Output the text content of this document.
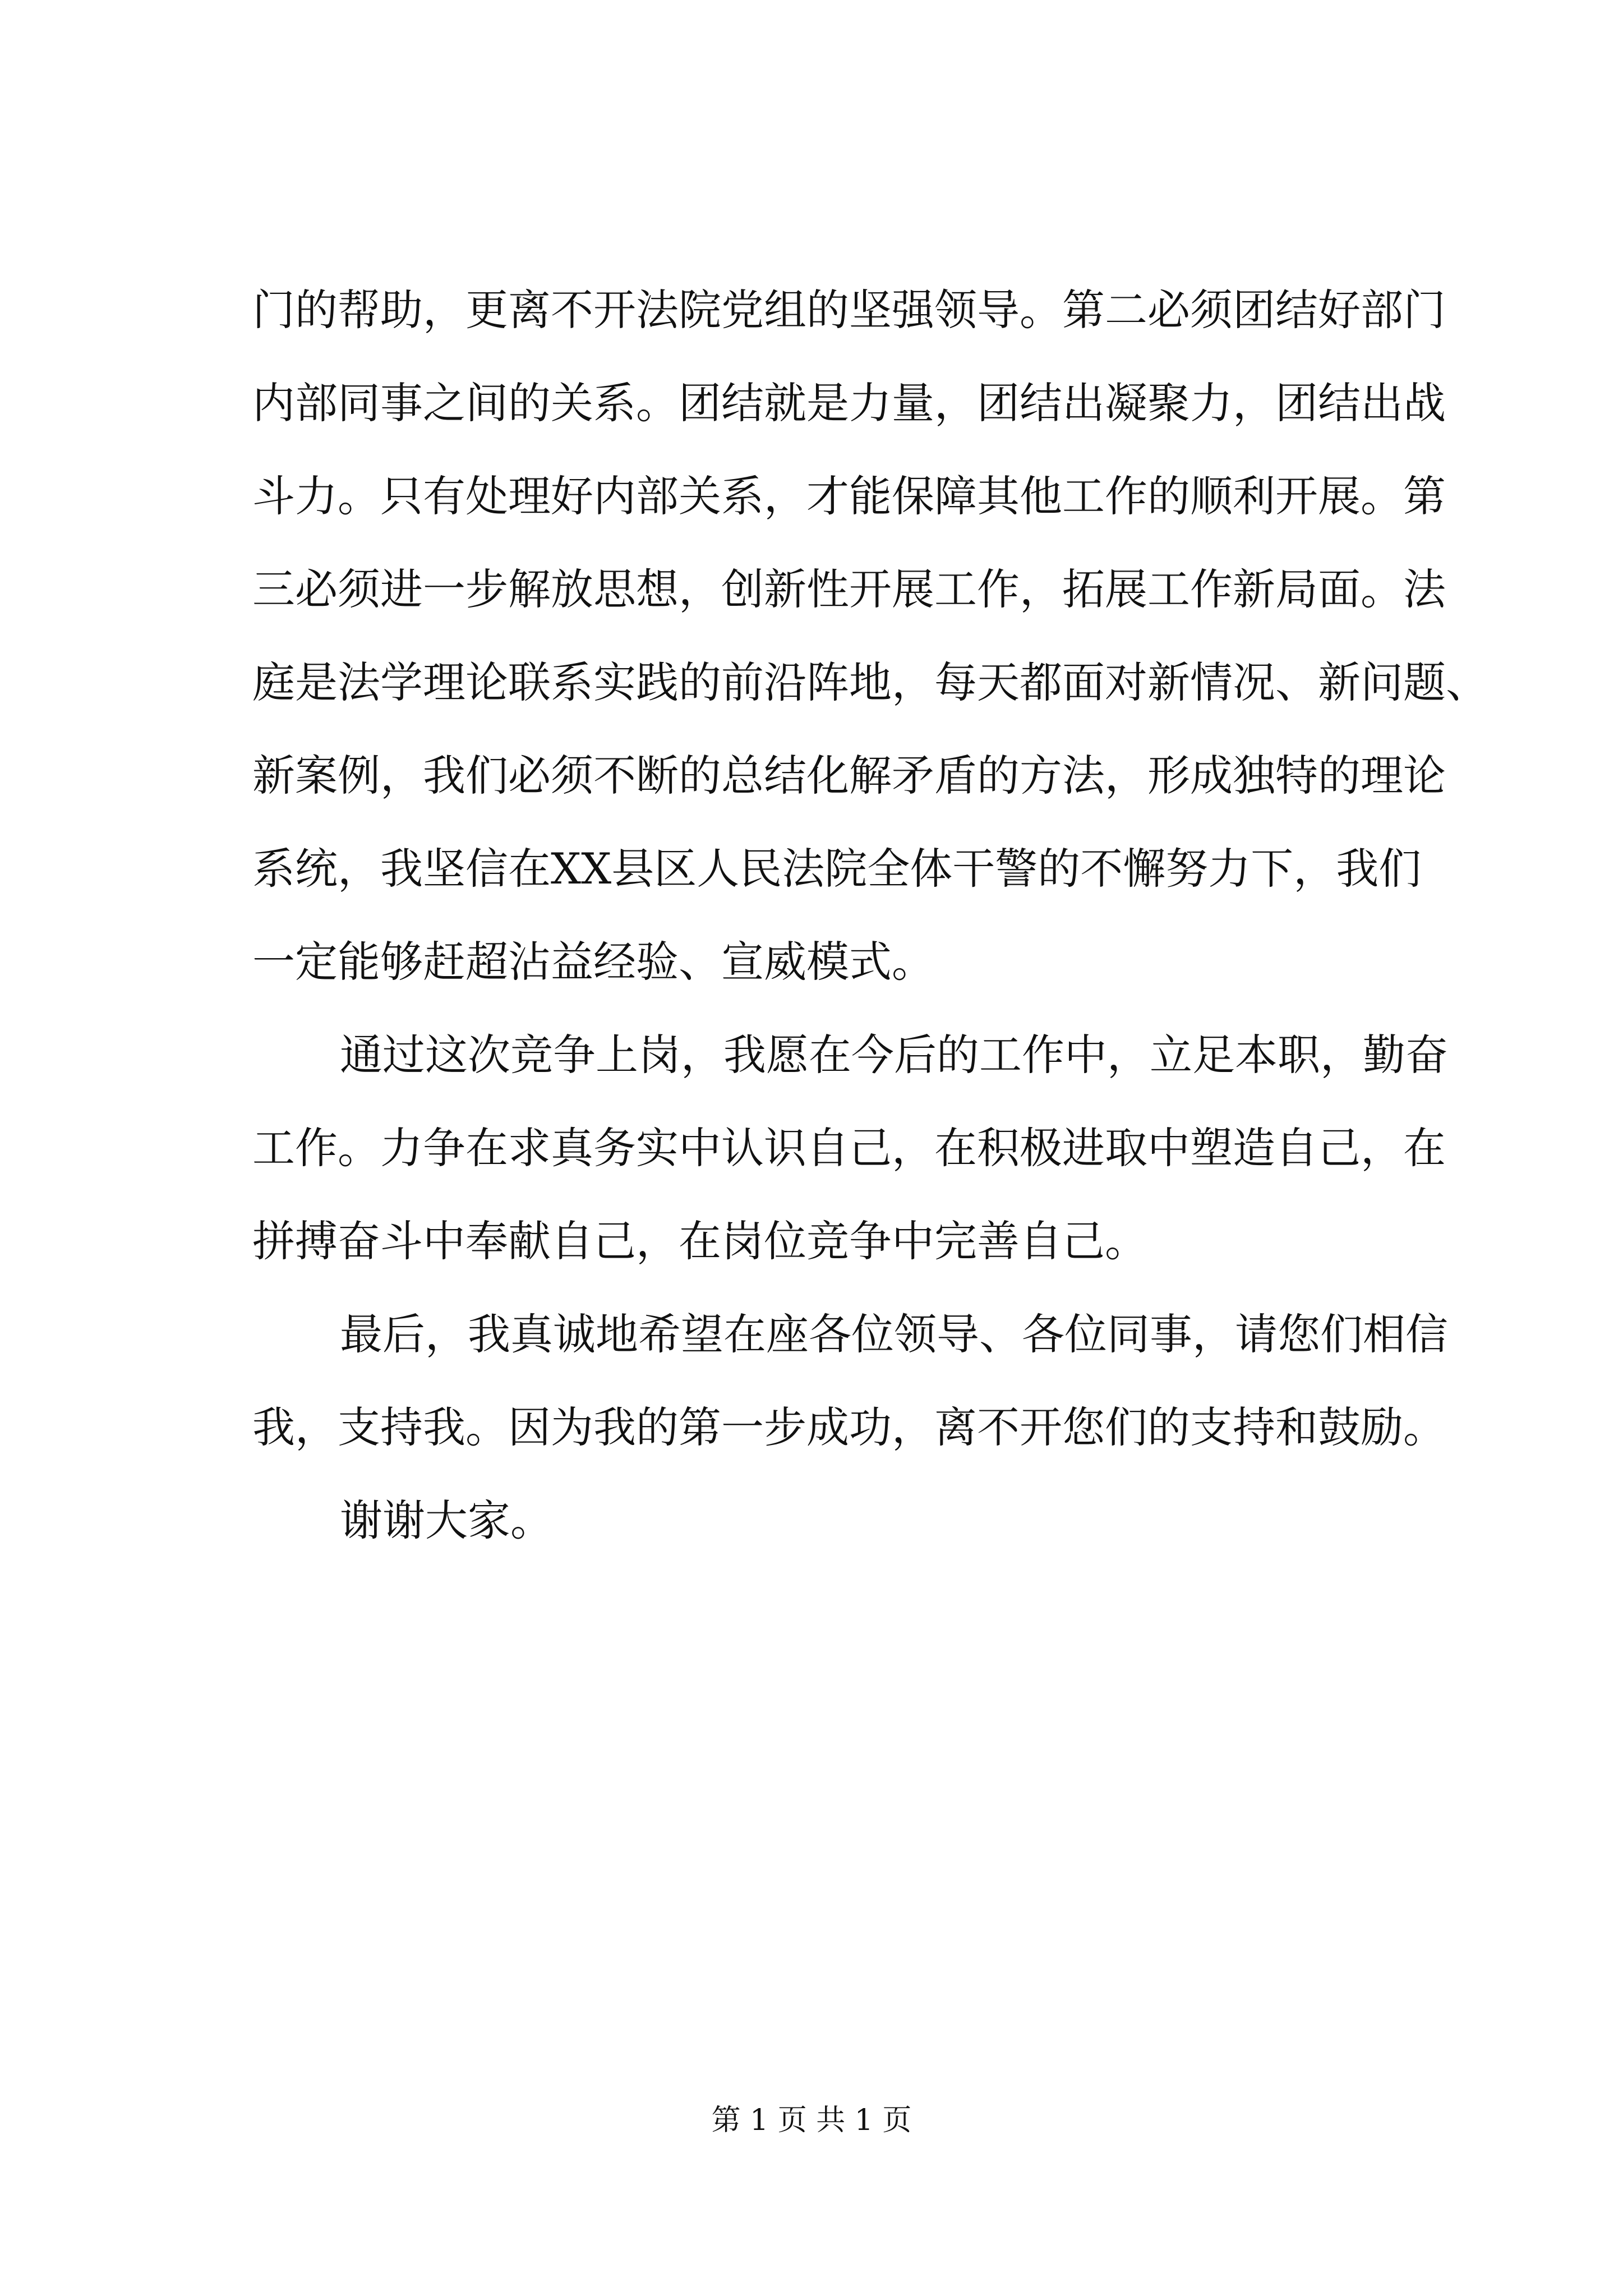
门的帮助，更离不开法院党组的坚强领导。第二必须团结好部门
内部同事之间的关系。团结就是力量，团结出凝聚力，团结出战
斗力。只有处理好内部关系，才能保障其他工作的顺利开展。第
三必须进一步解放思想，创新性开展工作，拓展工作新局面。法
庭是法学理论联系实践的前沿阵地，每天都面对新情况、新问题、
新案例，我们必须不断的总结化解矛盾的方法，形成独特的理论
系统，我坚信在XX县区人民法院全体干警的不懈努力下，我们
一定能够赶超沾益经验、宣威模式。
通过这次竞争上岗，我愿在今后的工作中，立足本职，勤奋
工作。力争在求真务实中认识自己，在积极进取中塑造自己，在
拼搏奋斗中奉献自己，在岗位竞争中完善自己。
最后，我真诚地希望在座各位领导、各位同事，请您们相信
我，支持我。因为我的第一步成功，离不开您们的支持和鼓励。
谢谢大家。
第 1 页 共 1 页
